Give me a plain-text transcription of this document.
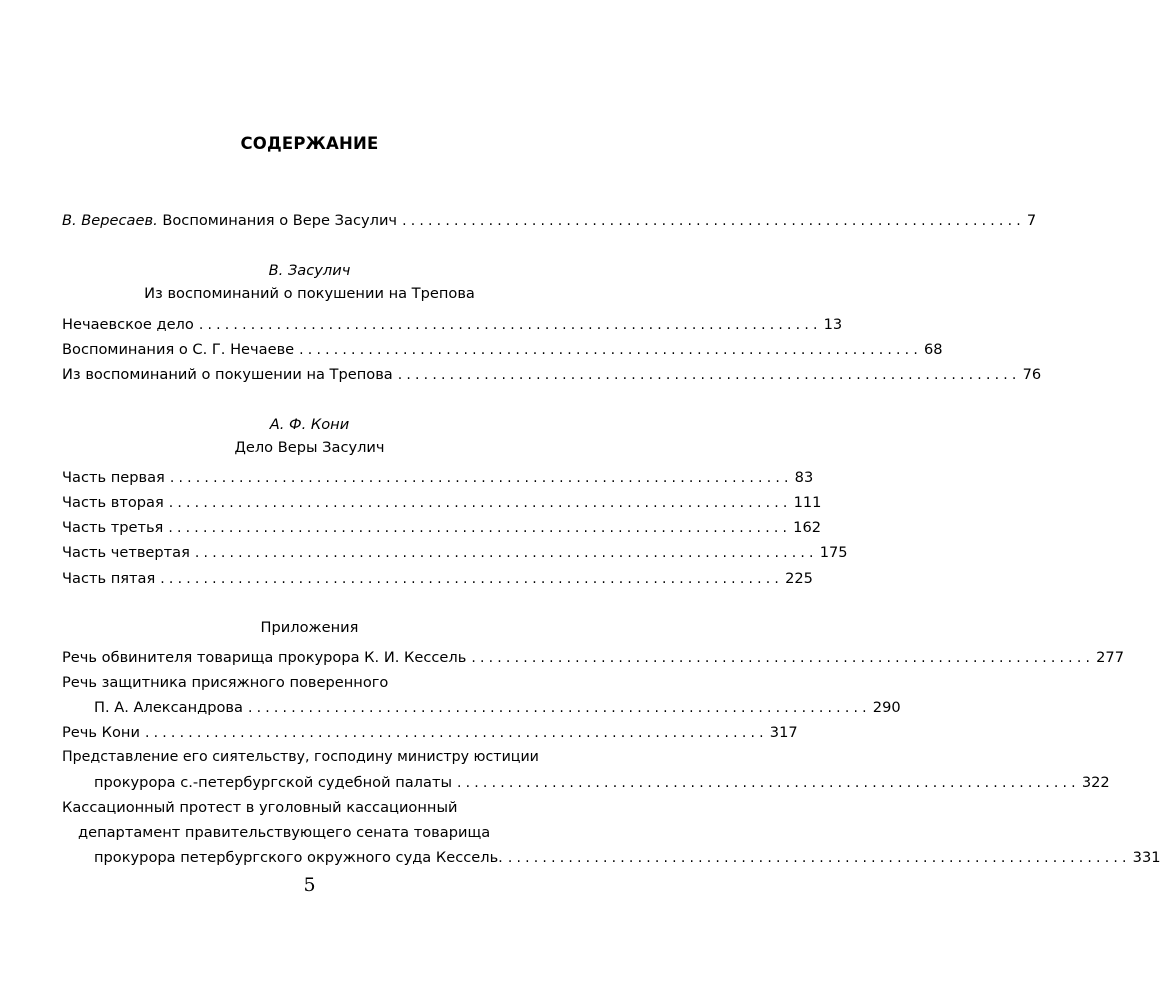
СОДЕРЖАНИЕ
В. Вересаев. Воспоминания о Вере Засулич ........................................................................ 7
В. Засулич
Из воспоминаний о покушении на Трепова
Нечаевское дело ........................................................................ 13
Воспоминания о С. Г. Нечаеве ........................................................................ 68
Из воспоминаний о покушении на Трепова ........................................................................ 76
А. Ф. Кони
Дело Веры Засулич
Часть первая ........................................................................ 83
Часть вторая ........................................................................ 111
Часть третья ........................................................................ 162
Часть четвертая ........................................................................ 175
Часть пятая ........................................................................ 225
Приложения
Речь обвинителя товарища прокурора К. И. Кессель ........................................................................ 277
Речь защитника присяжного поверенного
П. А. Александрова ........................................................................ 290
Речь Кони ........................................................................ 317
Представление его сиятельству, господину министру юстиции
прокурора с.-петербургской судебной палаты ........................................................................ 322
Кассационный протест в уголовный кассационный
департамент правительствующего сената товарища
прокурора петербургского окружного суда Кессель. ........................................................................ 331
5
